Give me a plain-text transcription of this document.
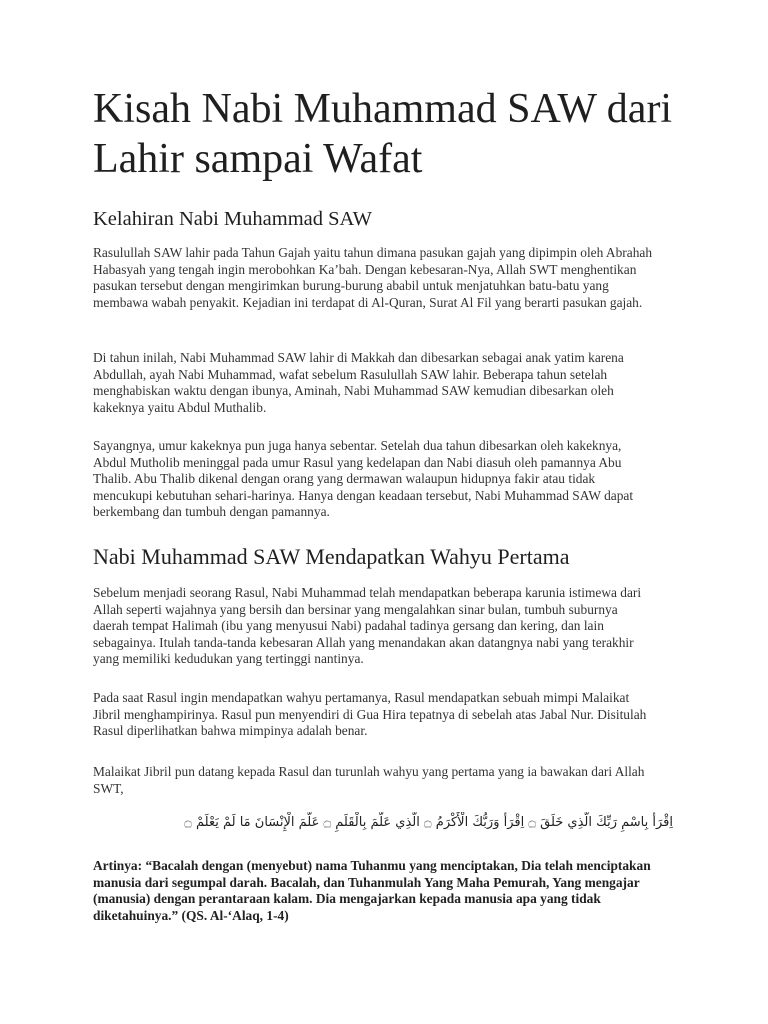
Kisah Nabi Muhammad SAW dari Lahir sampai Wafat
Kelahiran Nabi Muhammad SAW

Rasulullah SAW lahir pada Tahun Gajah yaitu tahun dimana pasukan gajah yang dipimpin oleh Abrahah Habasyah yang tengah ingin merobohkan Ka’bah. Dengan kebesaran-Nya, Allah SWT menghentikan pasukan tersebut dengan mengirimkan burung-burung ababil untuk menjatuhkan batu-batu yang membawa wabah penyakit. Kejadian ini terdapat di Al-Quran, Surat Al Fil yang berarti pasukan gajah.

Di tahun inilah, Nabi Muhammad SAW lahir di Makkah dan dibesarkan sebagai anak yatim karena Abdullah, ayah Nabi Muhammad, wafat sebelum Rasulullah SAW lahir. Beberapa tahun setelah menghabiskan waktu dengan ibunya, Aminah, Nabi Muhammad SAW kemudian dibesarkan oleh kakeknya yaitu Abdul Muthalib.

Sayangnya, umur kakeknya pun juga hanya sebentar. Setelah dua tahun dibesarkan oleh kakeknya, Abdul Mutholib meninggal pada umur Rasul yang kedelapan dan Nabi diasuh oleh pamannya Abu Thalib. Abu Thalib dikenal dengan orang yang dermawan walaupun hidupnya fakir atau tidak mencukupi kebutuhan sehari-harinya. Hanya dengan keadaan tersebut, Nabi Muhammad SAW dapat berkembang dan tumbuh dengan pamannya.

Nabi Muhammad SAW Mendapatkan Wahyu Pertama

Sebelum menjadi seorang Rasul, Nabi Muhammad telah mendapatkan beberapa karunia istimewa dari Allah seperti wajahnya yang bersih dan bersinar yang mengalahkan sinar bulan, tumbuh suburnya daerah tempat Halimah (ibu yang menyusui Nabi) padahal tadinya gersang dan kering, dan lain sebagainya. Itulah tanda-tanda kebesaran Allah yang menandakan akan datangnya nabi yang terakhir yang memiliki kedudukan yang tertinggi nantinya.

Pada saat Rasul ingin mendapatkan wahyu pertamanya, Rasul mendapatkan sebuah mimpi Malaikat Jibril menghampirinya. Rasul pun menyendiri di Gua Hira tepatnya di sebelah atas Jabal Nur. Disitulah Rasul diperlihatkan bahwa mimpinya adalah benar.

Malaikat Jibril pun datang kepada Rasul dan turunlah wahyu yang pertama yang ia bawakan dari Allah SWT,

اِقْرَأْ بِاسْمِ رَبِّكَ الَّذِي خَلَقَ ۝ اِقْرَأْ وَرَبُّكَ الْأَكْرَمُ ۝ الَّذِي عَلَّمَ بِالْقَلَمِ ۝ عَلَّمَ الْإِنْسَانَ مَا لَمْ يَعْلَمْ ۝

Artinya: “Bacalah dengan (menyebut) nama Tuhanmu yang menciptakan, Dia telah menciptakan manusia dari segumpal darah. Bacalah, dan Tuhanmulah Yang Maha Pemurah, Yang mengajar (manusia) dengan perantaraan kalam. Dia mengajarkan kepada manusia apa yang tidak diketahuinya.” (QS. Al-‘Alaq, 1-4)
